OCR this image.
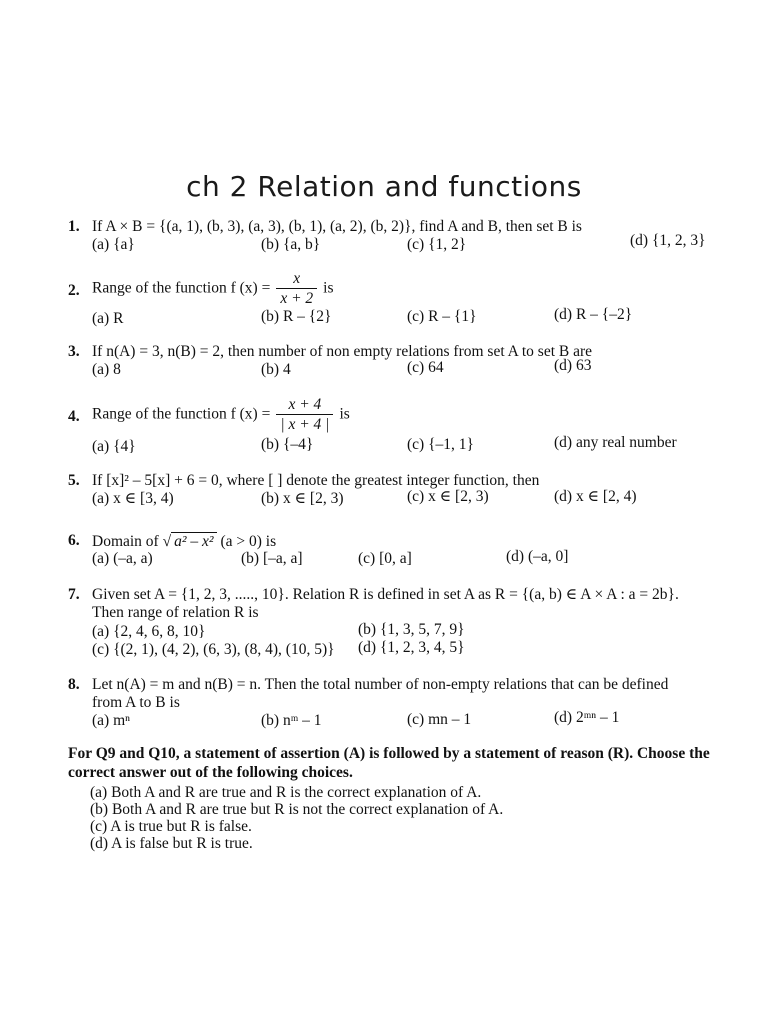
ch 2 Relation and functions
1. If A × B = {(a, 1), (b, 3), (a, 3), (b, 1), (a, 2), (b, 2)}, find A and B, then set B is
(a) {a}	(b) {a, b}	(c) {1, 2}	(d) {1, 2, 3}
2. Range of the function f $(x) = \frac{x}{x + 2}$ is
(a) R	(b) R – {2}	(c) R – {1}	(d) R – {–2}
3. If n(A) = 3, n(B) = 2, then number of non empty relations from set A to set B are
(a) 8	(b) 4	(c) 64	(d) 63
4. Range of the function f $(x) = \frac{x + 4}{| x + 4 |}$ is
(a) {4}	(b) {–4}	(c) {–1, 1}	(d) any real number
5. If [x]² – 5[x] + 6 = 0, where [ ] denote the greatest integer function, then
(a) x ∈ [3, 4)	(b) x ∈ [2, 3)	(c) x ∈ [2, 3)	(d) x ∈ [2, 4)
6. Domain of √ a² – x² (a > 0) is
(a) (–a, a)	(b) [–a, a]	(c) [0, a]	(d) (–a, 0]
7. Given set A = {1, 2, 3, ....., 10}. Relation R is defined in set A as R = {(a, b) ∈ A × A : a = 2b}.
Then range of relation R is
(a) {2, 4, 6, 8, 10}	(b) {1, 3, 5, 7, 9}
(c) {(2, 1), (4, 2), (6, 3), (8, 4), (10, 5)} (d) {1, 2, 3, 4, 5}
8. Let n(A) = m and n(B) = n. Then the total number of non-empty relations that can be defined
from A to B is
(a) mⁿ	(b) nᵐ – 1	(c) mn – 1	(d) 2ᵐⁿ – 1
For Q9 and Q10, a statement of assertion (A) is followed by a statement of reason (R). Choose the correct answer out of the following choices.
(a) Both A and R are true and R is the correct explanation of A.
(b) Both A and R are true but R is not the correct explanation of A.
(c) A is true but R is false.
(d) A is false but R is true.
